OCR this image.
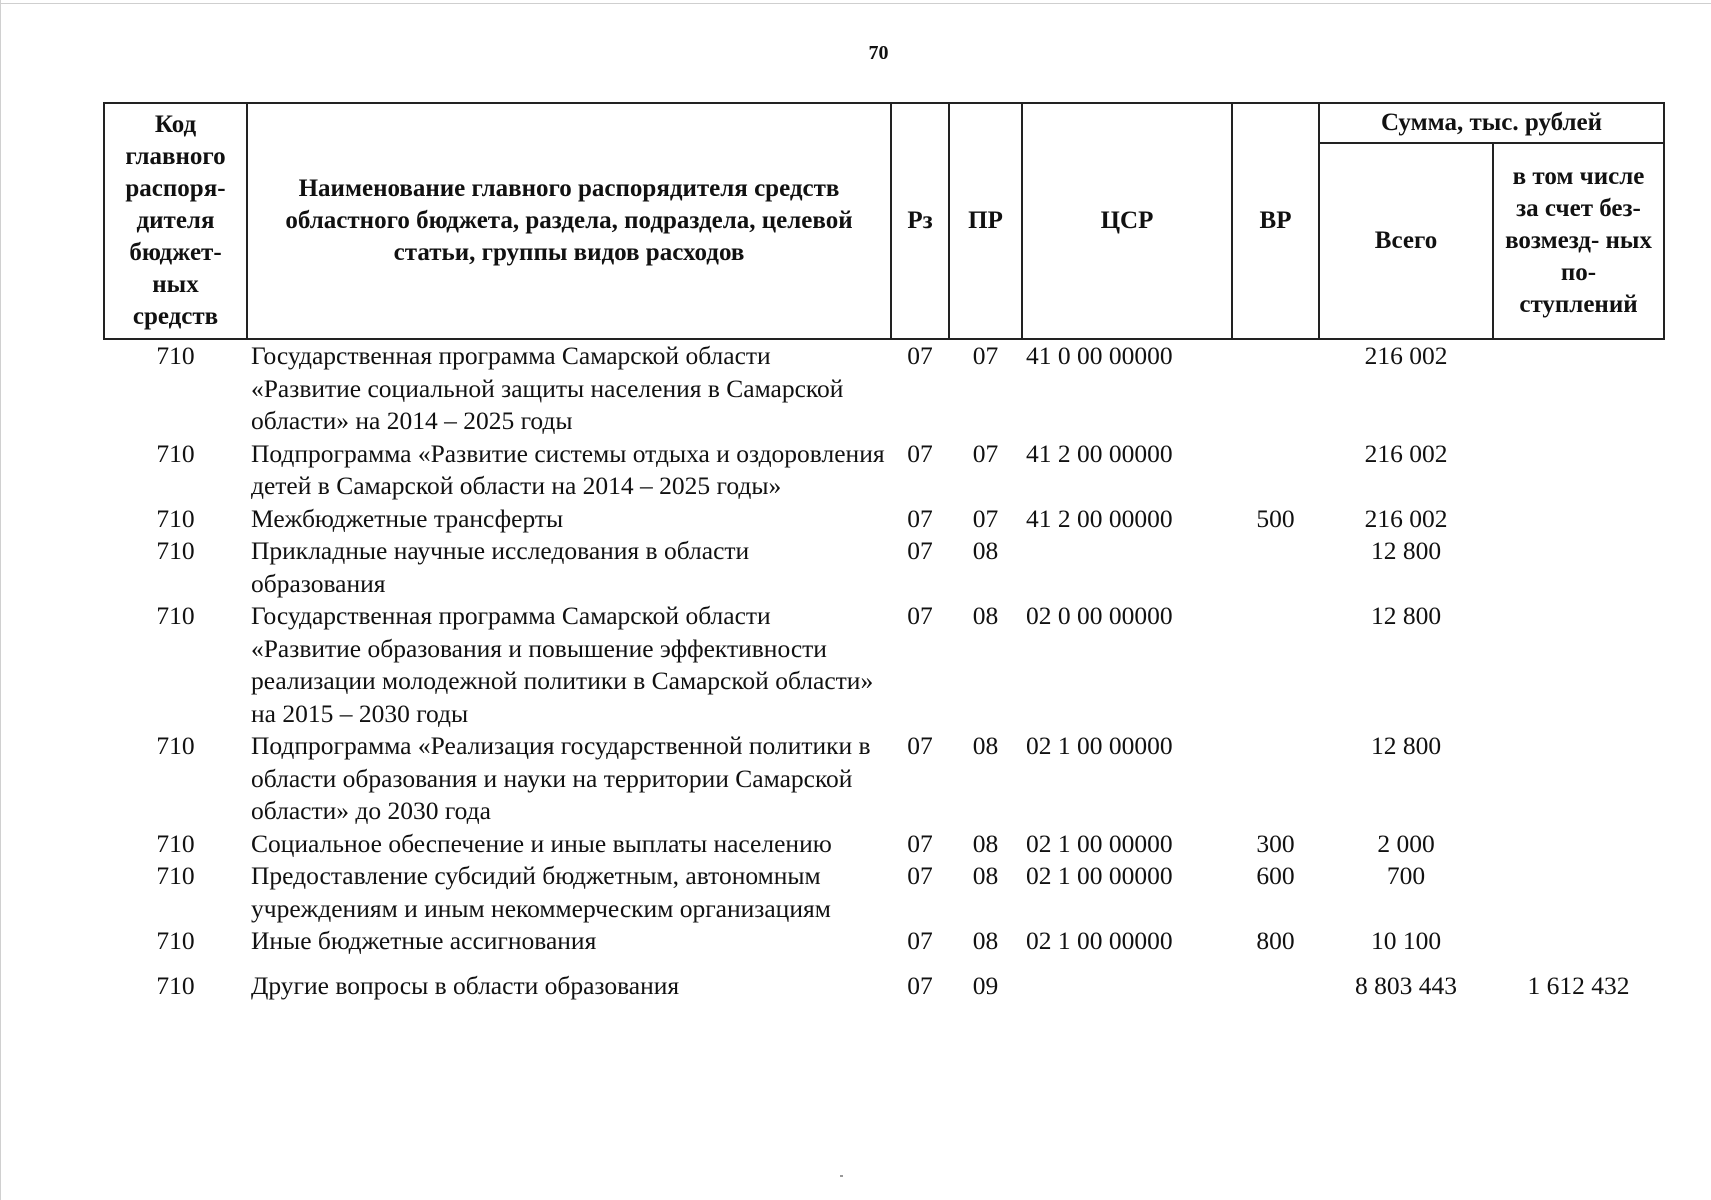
70
Код главного распоря- дителя бюджет- ных средств	Наименование главного распорядителя средств областного бюджета, раздела, подраздела, целевой статьи, группы видов расходов	Рз	ПР	ЦСР	ВР	Сумма, тыс. рублей	
						Всего	в том числе за счет без- возмезд- ных по- ступлений
710	Государственная программа Самарской области «Развитие социальной защиты населения в Самарской области» на 2014 – 2025 годы	07	07	41 0 00 00000		216 002	
710	Подпрограмма «Развитие системы отдыха и оздоровления детей в Самарской области на 2014 – 2025 годы»	07	07	41 2 00 00000		216 002	
710	Межбюджетные трансферты	07	07	41 2 00 00000	500	216 002	
710	Прикладные научные исследования в области образования	07	08			12 800	
710	Государственная программа Самарской области «Развитие образования и повышение эффективности реализации молодежной политики в Самарской области» на 2015 – 2030 годы	07	08	02 0 00 00000		12 800	
710	Подпрограмма «Реализация государственной политики в области образования и науки на территории Самарской области» до 2030 года	07	08	02 1 00 00000		12 800	
710	Социальное обеспечение и иные выплаты населению	07	08	02 1 00 00000	300	2 000	
710	Предоставление субсидий бюджетным, автономным учреждениям и иным некоммерческим организациям	07	08	02 1 00 00000	600	700	
710	Иные бюджетные ассигнования	07	08	02 1 00 00000	800	10 100	
710	Другие вопросы в области образования	07	09			8 803 443	1 612 432
